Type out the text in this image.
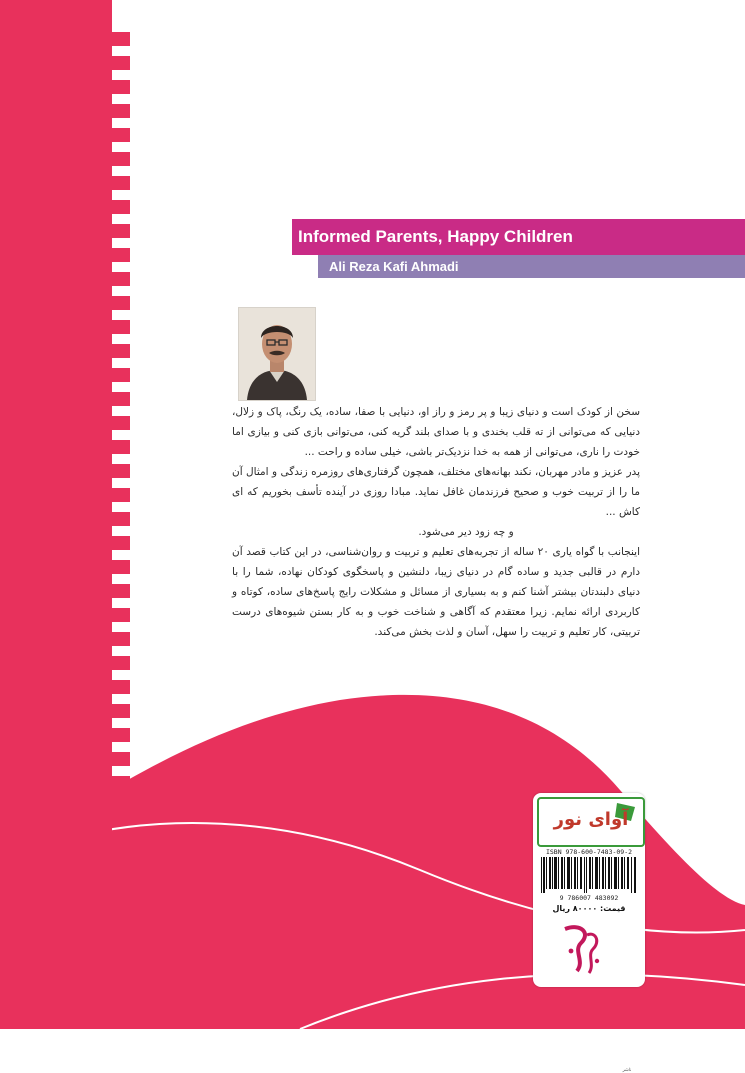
Informed Parents, Happy Children
Ali Reza Kafi Ahmadi

سخن از کودک است و دنیای زیبا و پر رمز و راز او، دنیایی با صفا، ساده، یک رنگ، پاک و زلال، دنیایی که می‌توانی از ته قلب بخندی و با صدای بلند گریه کنی، می‌توانی بازی کنی و بیازی اما خودت را ناری، می‌توانی از همه به خدا نزدیک‌تر باشی، خیلی ساده و راحت ...

پدر عزیز و مادر مهربان، نکند بهانه‌های مختلف، همچون گرفتاری‌های روزمره زندگی و امثال آن ما را از تربیت خوب و صحیح فرزندمان غافل نماید. مبادا روزی در آینده تأسف بخوریم که ای کاش ...

و چه زود دیر می‌شود.

اینجانب با گواه یاری ۲۰ ساله از تجربه‌های تعلیم و تربیت و روان‌شناسی، در این کتاب قصد آن دارم در قالبی جدید و ساده گام در دنیای زیبا، دلنشین و پاسخگوی کودکان نهاده، شما را با دنیای دلبندتان بیشتر آشنا کنم و به بسیاری از مسائل و مشکلات رایج پاسخ‌های ساده، کوتاه و کاربردی ارائه نمایم. زیرا معتقدم که آگاهی و شناخت خوب و به کار بستن شیوه‌های درست تربیتی، کار تعلیم و تربیت را سهل، آسان و لذت بخش می‌کند.

آوای نور
ISBN 978-600-7483-09-2
9 786007 483092
قیمت: ۸۰۰۰۰ ریال
ناشر
